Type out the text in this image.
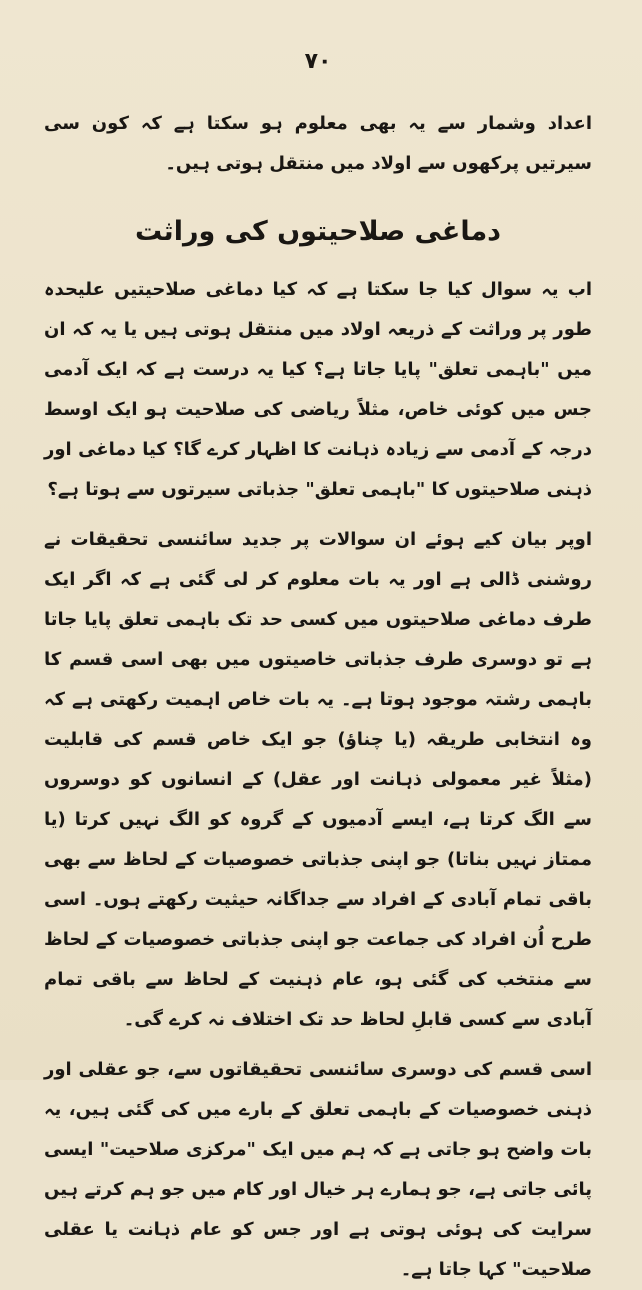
۷۰

اعداد وشمار سے یہ بھی معلوم ہو سکتا ہے کہ کون سی سیرتیں پرکھوں سے اولاد میں منتقل ہوتی ہیں۔

دماغی صلاحیتوں کی وراثت

اب یہ سوال کیا جا سکتا ہے کہ کیا دماغی صلاحیتیں علیحدہ طور پر وراثت کے ذریعہ اولاد میں منتقل ہوتی ہیں یا یہ کہ ان میں "باہمی تعلق" پایا جاتا ہے؟ کیا یہ درست ہے کہ ایک آدمی جس میں کوئی خاص، مثلاً ریاضی کی صلاحیت ہو ایک اوسط درجہ کے آدمی سے زیادہ ذہانت کا اظہار کرے گا؟ کیا دماغی اور ذہنی صلاحیتوں کا "باہمی تعلق" جذباتی سیرتوں سے ہوتا ہے؟

اوپر بیان کیے ہوئے ان سوالات پر جدید سائنسی تحقیقات نے روشنی ڈالی ہے اور یہ بات معلوم کر لی گئی ہے کہ اگر ایک طرف دماغی صلاحیتوں میں کسی حد تک باہمی تعلق پایا جاتا ہے تو دوسری طرف جذباتی خاصیتوں میں بھی اسی قسم کا باہمی رشتہ موجود ہوتا ہے۔ یہ بات خاص اہمیت رکھتی ہے کہ وہ انتخابی طریقہ (یا چناؤ) جو ایک خاص قسم کی قابلیت (مثلاً غیر معمولی ذہانت اور عقل) کے انسانوں کو دوسروں سے الگ کرتا ہے، ایسے آدمیوں کے گروہ کو الگ نہیں کرتا (یا ممتاز نہیں بناتا) جو اپنی جذباتی خصوصیات کے لحاظ سے بھی باقی تمام آبادی کے افراد سے جداگانہ حیثیت رکھتے ہوں۔ اسی طرح اُن افراد کی جماعت جو اپنی جذباتی خصوصیات کے لحاظ سے منتخب کی گئی ہو، عام ذہنیت کے لحاظ سے باقی تمام آبادی سے کسی قابلِ لحاظ حد تک اختلاف نہ کرے گی۔

اسی قسم کی دوسری سائنسی تحقیقاتوں سے، جو عقلی اور ذہنی خصوصیات کے باہمی تعلق کے بارے میں کی گئی ہیں، یہ بات واضح ہو جاتی ہے کہ ہم میں ایک "مرکزی صلاحیت" ایسی پائی جاتی ہے، جو ہمارے ہر خیال اور کام میں جو ہم کرتے ہیں سرایت کی ہوئی ہوتی ہے اور جس کو عام ذہانت یا عقلی صلاحیت" کہا جاتا ہے۔
